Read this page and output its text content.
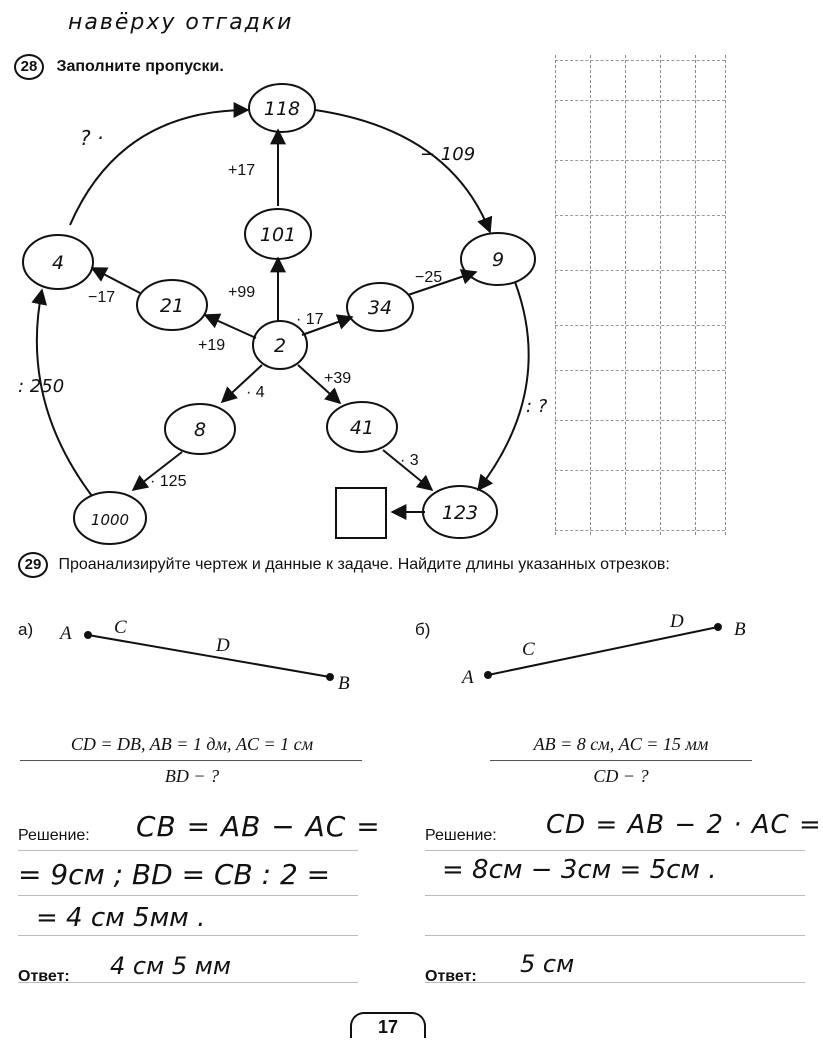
навёрху отгадки
28 Заполните пропуски.
118
101
4	9
21	34
2
8	41
1000	123
? ·
− 109
+17
+99
−17
+19
· 17
−25
· 4
+39
· 125
: 250
: ?
· 3
29 Проанализируйте чертеж и данные к задаче. Найдите длины указанных отрезков:
A C
D
B	A
C
D	B
а)	б)
CD = DB, AB = 1 дм, AC = 1 см
BD − ?
AB = 8 см, AC = 15 мм
CD − ?
Решение: CB = AB − AC =
= 9см ; BD = CB : 2 =
= 4 см 5мм .
Ответ: 4 см 5 мм
Решение: CD = AB − 2 · AC =
= 8см − 3см = 5см .
Ответ: 5 см
17
